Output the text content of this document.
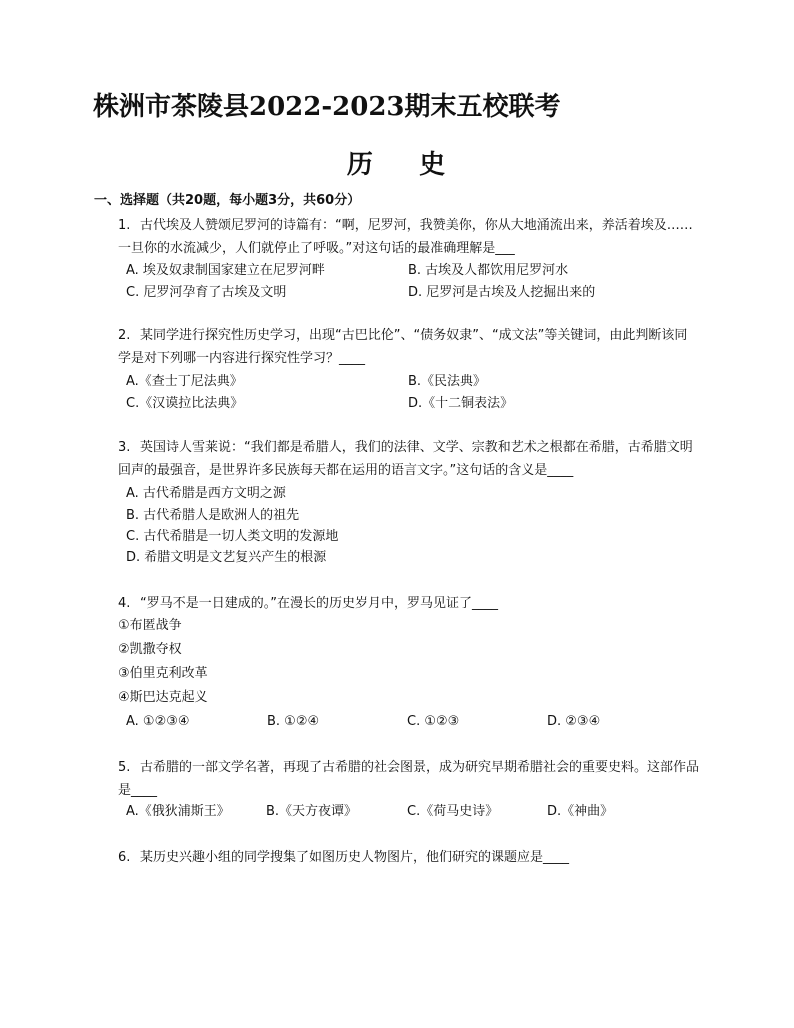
株洲市茶陵县2022-2023期末五校联考
历    史
一、选择题（共20题，每小题3分，共60分）
1. 古代埃及人赞颂尼罗河的诗篇有：“啊，尼罗河，我赞美你，你从大地涌流出来，养活着埃及……一旦你的水流减少，人们就停止了呼吸。”对这句话的最准确理解是___
A. 埃及奴隶制国家建立在尼罗河畔	B. 古埃及人都饮用尼罗河水
C. 尼罗河孕育了古埃及文明	D. 尼罗河是古埃及人挖掘出来的
2. 某同学进行探究性历史学习，出现“古巴比伦”、“债务奴隶”、“成文法”等关键词，由此判断该同学是对下列哪一内容进行探究性学习？____
A.《查士丁尼法典》	B.《民法典》
C.《汉谟拉比法典》	D.《十二铜表法》
3. 英国诗人雪莱说：“我们都是希腊人，我们的法律、文学、宗教和艺术之根都在希腊，古希腊文明回声的最强音，是世界许多民族每天都在运用的语言文字。”这句话的含义是____
A. 古代希腊是西方文明之源
B. 古代希腊人是欧洲人的祖先
C. 古代希腊是一切人类文明的发源地
D. 希腊文明是文艺复兴产生的根源
4. “罗马不是一日建成的。”在漫长的历史岁月中，罗马见证了____
①布匿战争
②凯撒夺权
③伯里克利改革
④斯巴达克起义
A. ①②③④	B. ①②④	C. ①②③	D. ②③④
5. 古希腊的一部文学名著，再现了古希腊的社会图景，成为研究早期希腊社会的重要史料。这部作品是____
A.《俄狄浦斯王》	B.《天方夜谭》	C.《荷马史诗》	D.《神曲》
6. 某历史兴趣小组的同学搜集了如图历史人物图片，他们研究的课题应是____
